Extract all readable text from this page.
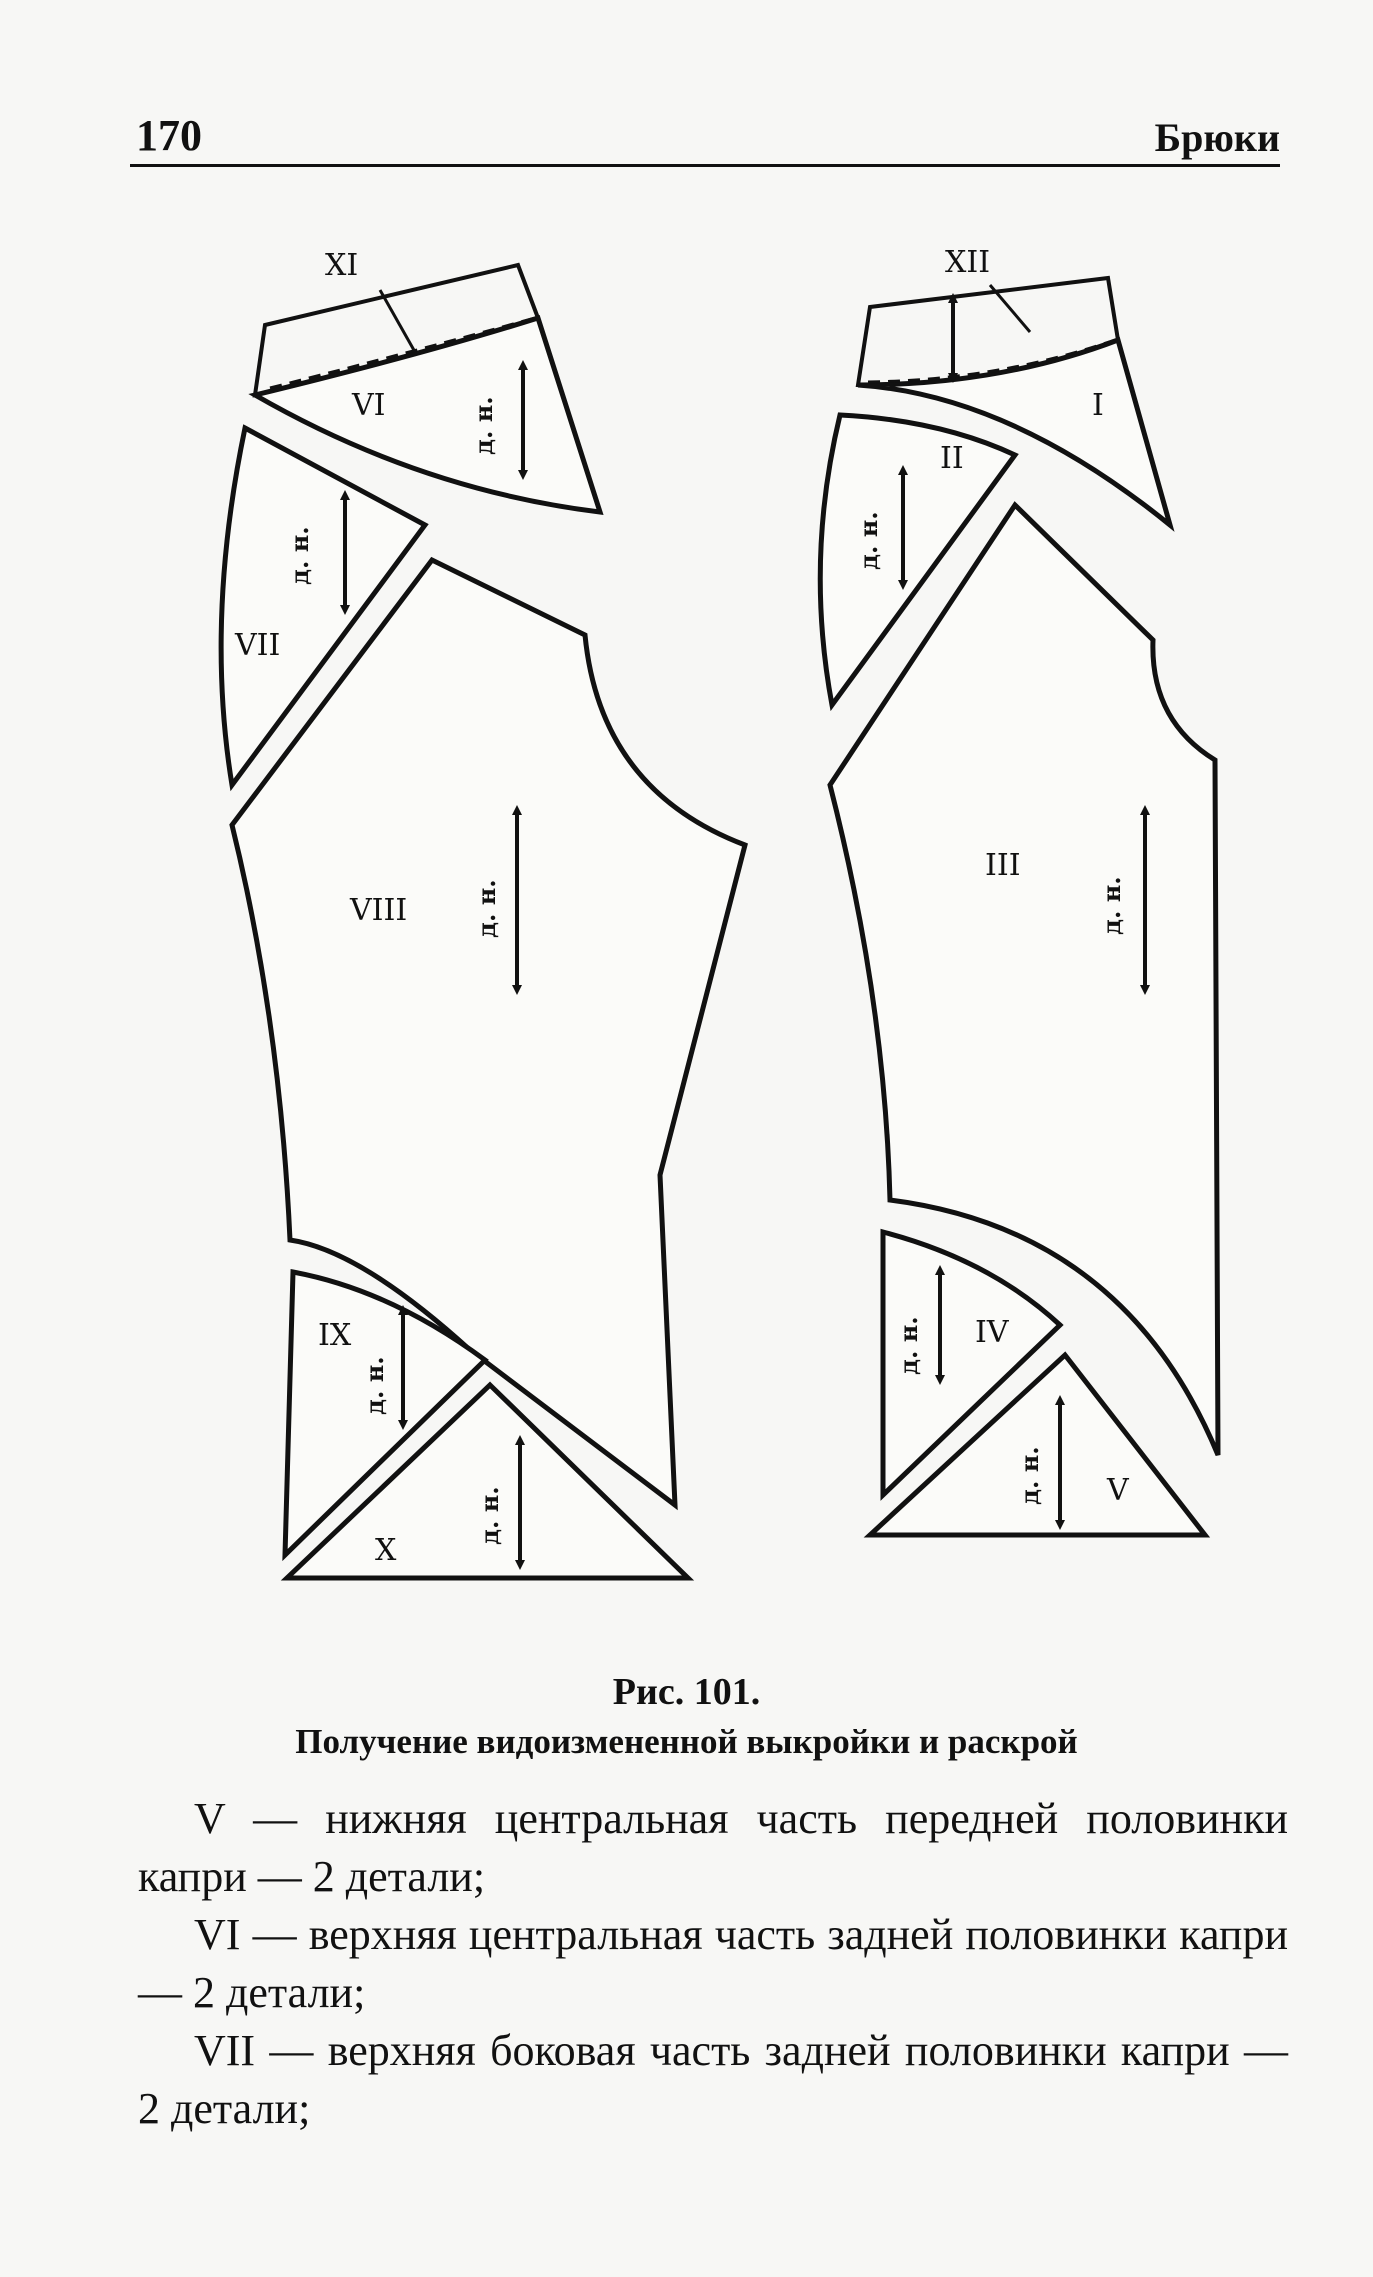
170	Брюки
XI
VI
VII
VIII
IX
X
XII
I
II
III
IV
V
д. н.
д. н.
д. н.
д. н.
д. н.
д. н.
д. н.
д. н.
д. н.
Рис. 101.
Получение видоизмененной выкройки и раскрой

V — нижняя центральная часть передней половинки капри — 2 детали;

VI — верхняя центральная часть задней половинки капри — 2 детали;

VII — верхняя боковая часть задней половинки капри — 2 детали;
